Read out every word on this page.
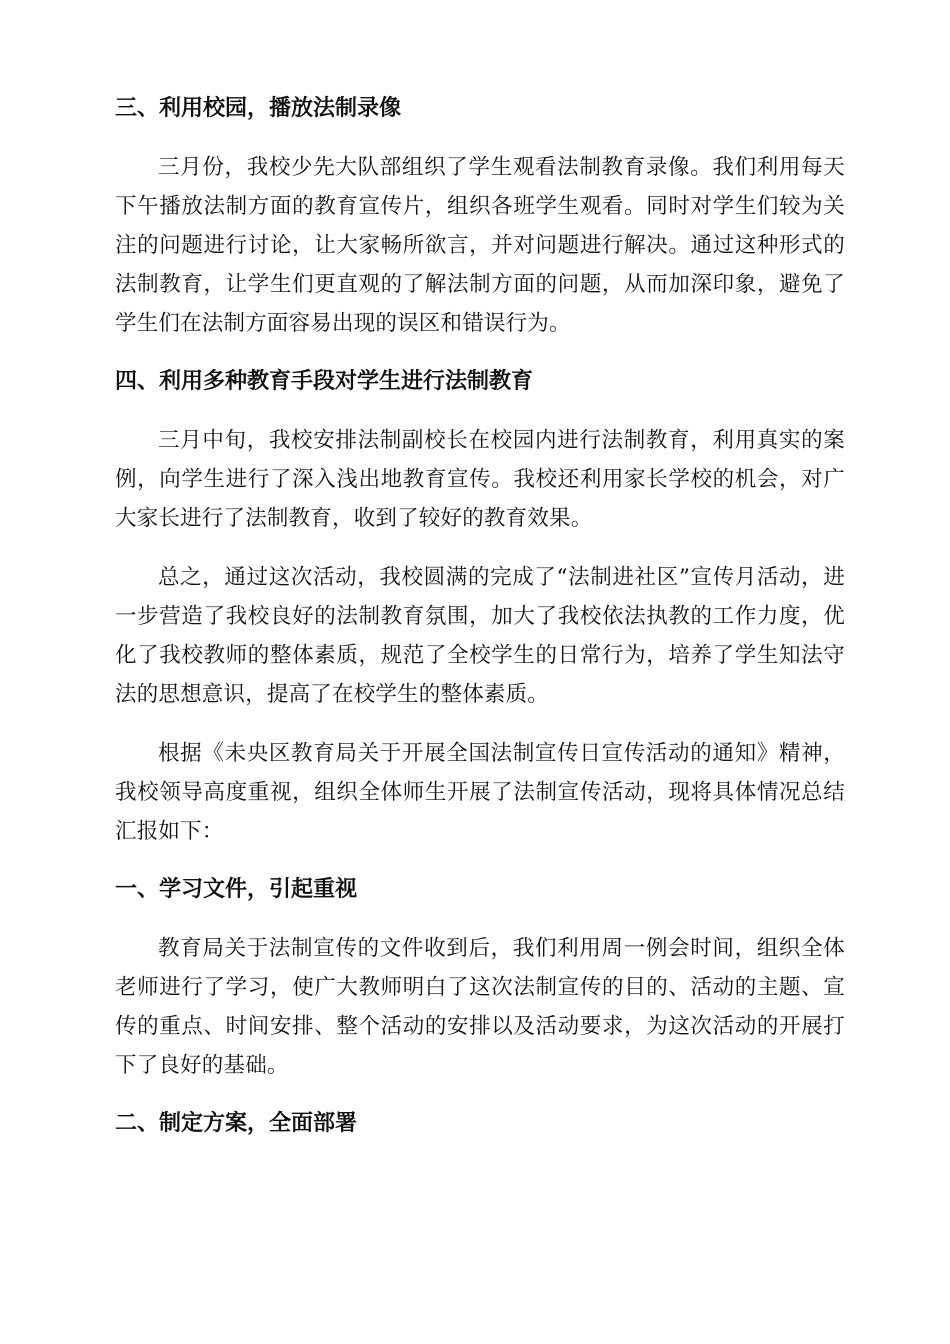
三、利用校园，播放法制录像

三月份，我校少先大队部组织了学生观看法制教育录像。我们利用每天下午播放法制方面的教育宣传片，组织各班学生观看。同时对学生们较为关注的问题进行讨论，让大家畅所欲言，并对问题进行解决。通过这种形式的法制教育，让学生们更直观的了解法制方面的问题，从而加深印象，避免了学生们在法制方面容易出现的误区和错误行为。

四、利用多种教育手段对学生进行法制教育

三月中旬，我校安排法制副校长在校园内进行法制教育，利用真实的案例，向学生进行了深入浅出地教育宣传。我校还利用家长学校的机会，对广大家长进行了法制教育，收到了较好的教育效果。

总之，通过这次活动，我校圆满的完成了“法制进社区”宣传月活动，进一步营造了我校良好的法制教育氛围，加大了我校依法执教的工作力度，优化了我校教师的整体素质，规范了全校学生的日常行为，培养了学生知法守法的思想意识，提高了在校学生的整体素质。

根据《未央区教育局关于开展全国法制宣传日宣传活动的通知》精神，我校领导高度重视，组织全体师生开展了法制宣传活动，现将具体情况总结汇报如下：

一、学习文件，引起重视

教育局关于法制宣传的文件收到后，我们利用周一例会时间，组织全体老师进行了学习，使广大教师明白了这次法制宣传的目的、活动的主题、宣传的重点、时间安排、整个活动的安排以及活动要求，为这次活动的开展打下了良好的基础。

二、制定方案，全面部署
